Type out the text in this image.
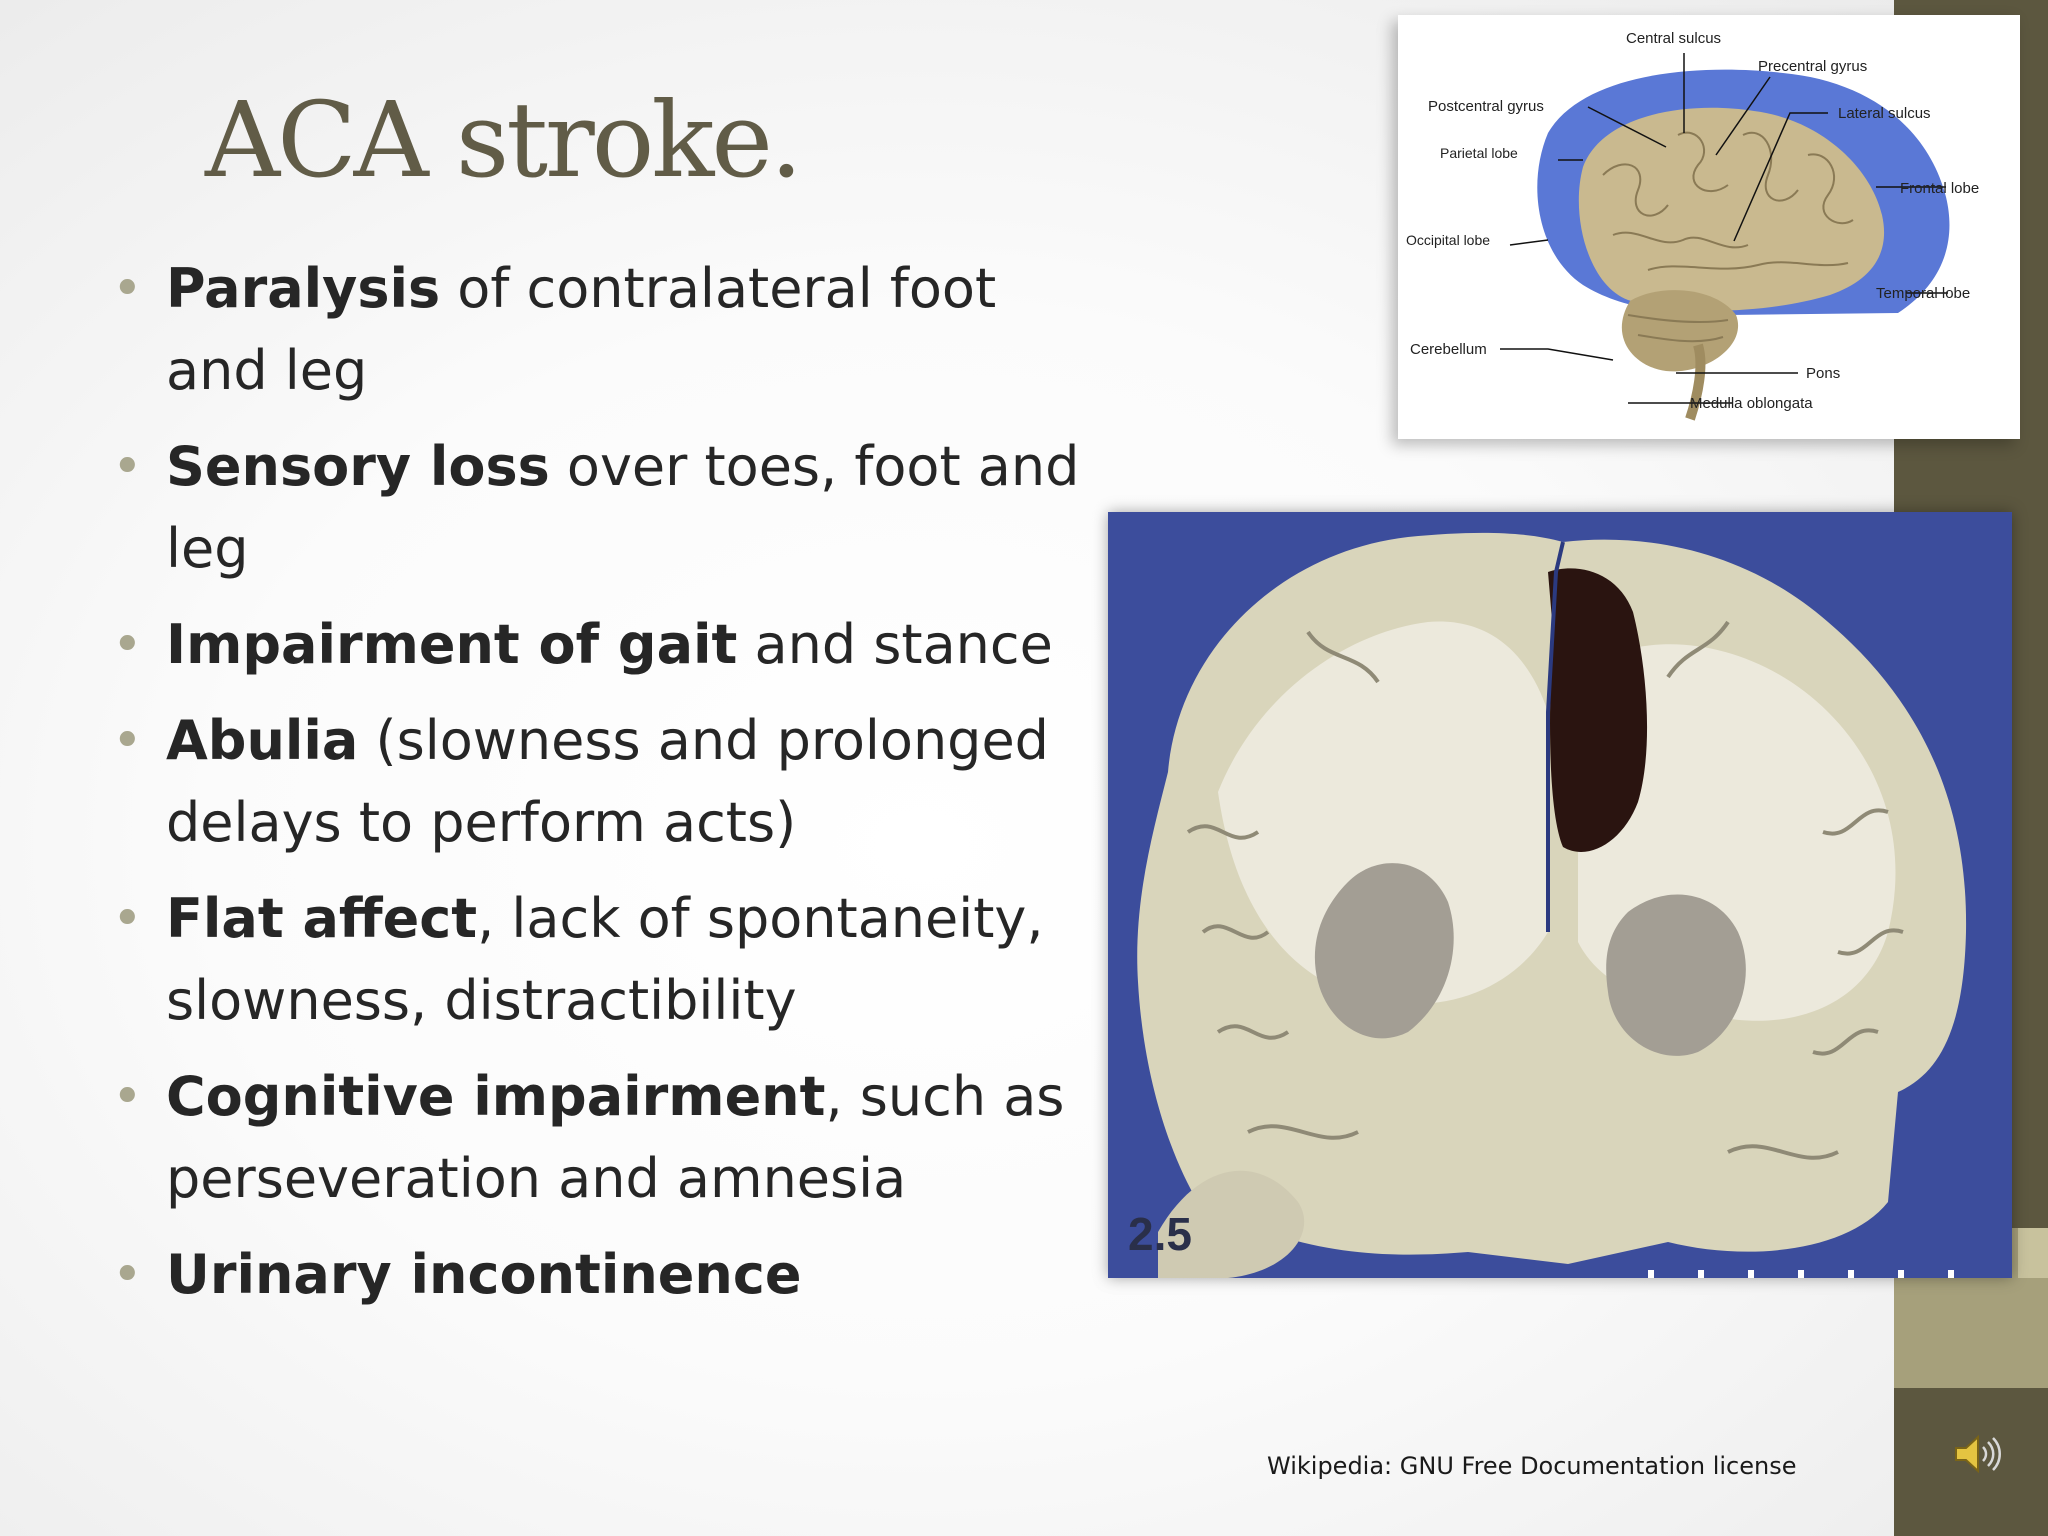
ACA stroke.
• Paralysis of contralateral foot and leg
• Sensory loss over toes, foot and leg
• Impairment of gait and stance
• Abulia (slowness and prolonged delays to perform acts)
• Flat affect, lack of spontaneity, slowness, distractibility
• Cognitive impairment, such as perseveration and amnesia
• Urinary incontinence
Central sulcus
Precentral gyrus
Postcentral gyrus	Lateral sulcus
Parietal lobe
Frontal lobe
Occipital lobe
Temporal lobe
Cerebellum
Pons
Medulla oblongata
2.5
Wikipedia: GNU Free Documentation license
